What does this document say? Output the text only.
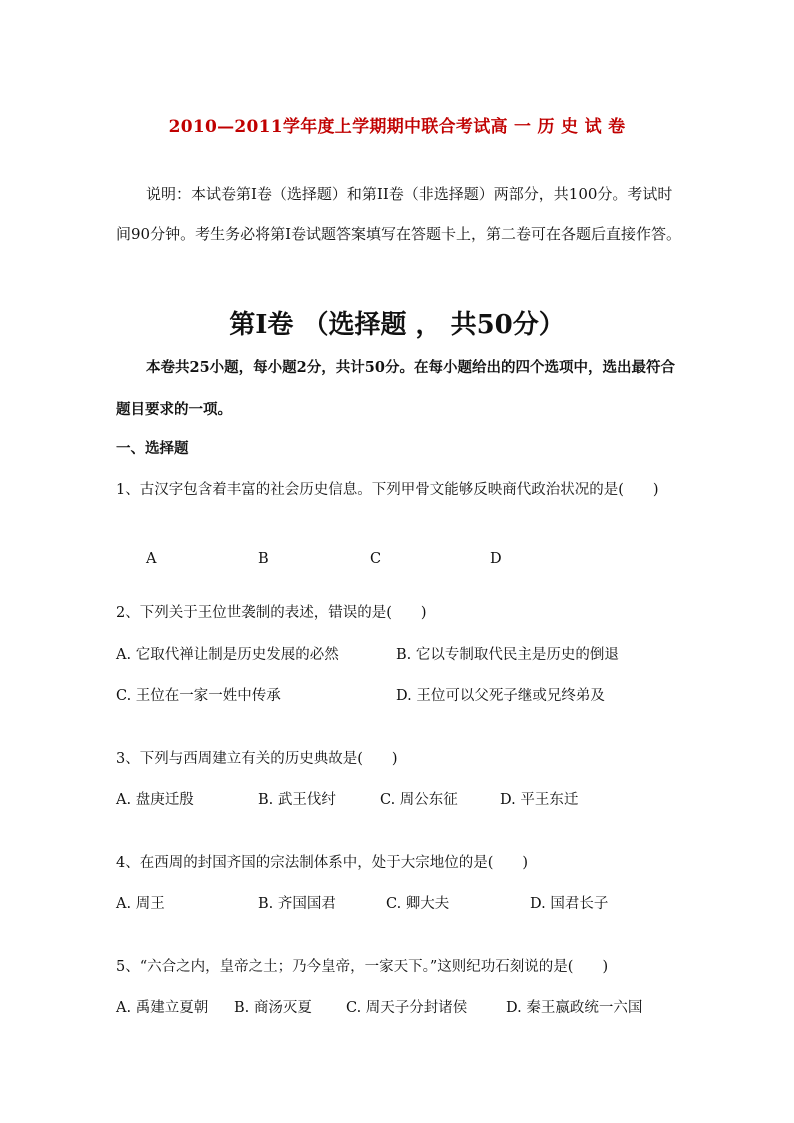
2010—2011学年度上学期期中联合考试高 一 历 史 试 卷
说明：本试卷第I卷（选择题）和第II卷（非选择题）两部分，共100分。考试时间90分钟。考生务必将第I卷试题答案填写在答题卡上，第二卷可在各题后直接作答。
第I卷 （选择题 ， 共50分）
本卷共25小题，每小题2分，共计50分。在每小题给出的四个选项中，选出最符合题目要求的一项。
一、选择题
1、古汉字包含着丰富的社会历史信息。下列甲骨文能够反映商代政治状况的是(　　)
A	B	C	D
2、下列关于王位世袭制的表述，错误的是(　　)
A. 它取代禅让制是历史发展的必然	B. 它以专制取代民主是历史的倒退
C. 王位在一家一姓中传承	D. 王位可以父死子继或兄终弟及
3、下列与西周建立有关的历史典故是(　　)
A. 盘庚迁殷	B. 武王伐纣	C. 周公东征	D. 平王东迁
4、在西周的封国齐国的宗法制体系中，处于大宗地位的是(　　)
A. 周王	B. 齐国国君	C. 卿大夫	D. 国君长子
5、“六合之内，皇帝之土；乃今皇帝，一家天下。”这则纪功石刻说的是(　　)
A. 禹建立夏朝 B. 商汤灭夏 C. 周天子分封诸侯	D. 秦王嬴政统一六国
